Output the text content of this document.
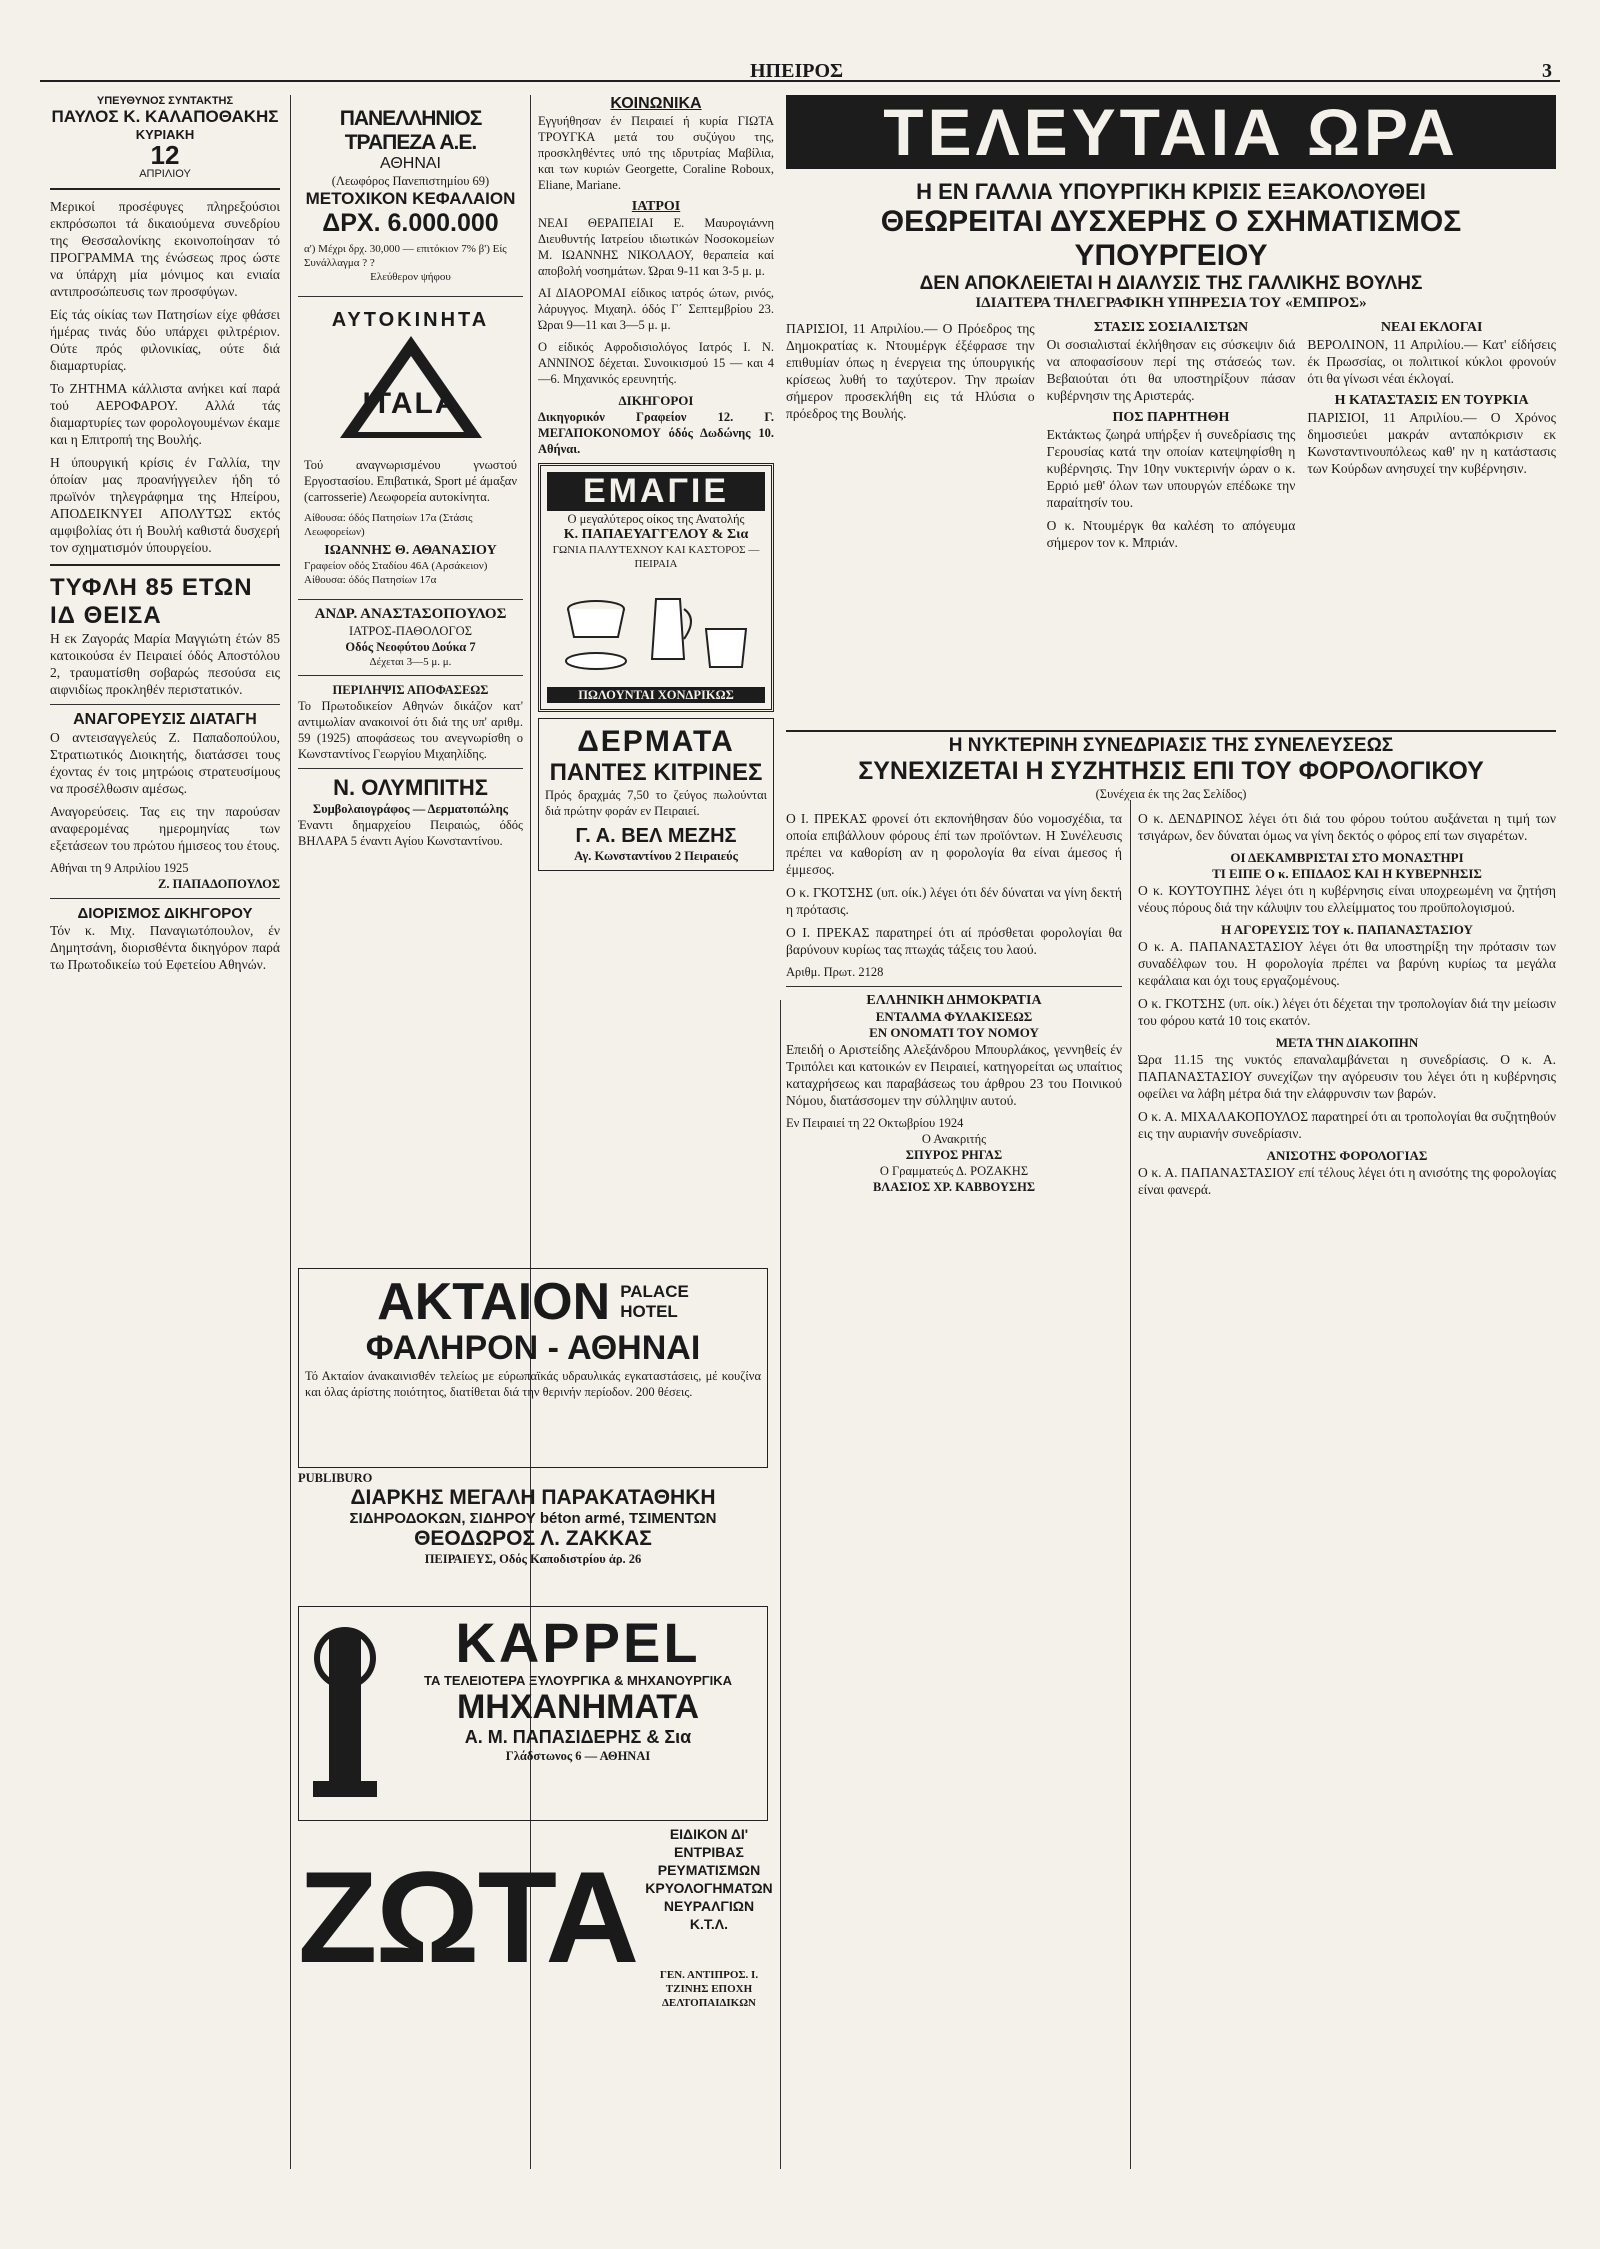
ΗΠΕΙΡΟΣ	3
ΥΠΕΥΘΥΝΟΣ ΣΥΝΤΑΚΤΗΣ
ΠΑΥΛΟΣ Κ. ΚΑΛΑΠΟΘΑΚΗΣ
ΚΥΡΙΑΚΗ
12
ΑΠΡΙΛΙΟΥ

Μερικοί προσέφυγες πληρεξούσιοι εκπρόσωποι τά δικαιούμενα συνεδρίου της Θεσσαλονίκης εκοινοποίησαν τό ΠΡΟΓΡΑΜΜΑ της ένώσεως προς ώστε να ύπάρχη μία μόνιμος και ενιαία αντιπροσώπευσις των προσφύγων.

Είς τάς οίκίας των Πατησίων είχε φθάσει ήμέρας τινάς δύο υπάρχει φιλτρέριον. Ούτε πρός φιλονικίας, ούτε διά διαμαρτυρίας.

Το ΖΗΤΗΜΑ κάλλιστα ανήκει καί παρά τού ΑΕΡΟΦΑΡΟΥ. Αλλά τάς διαμαρτυρίες των φορολογουμένων έκαμε και η Επιτροπή της Βουλής.

Η ύπουργική κρίσις έν Γαλλία, την όποίαν μας προανήγγειλεν ήδη τό πρωϊνόν τηλεγράφημα της Ηπείρου, ΑΠΟΔΕΙΚΝΥΕΙ ΑΠΟΛΥΤΩΣ εκτός αμφιβολίας ότι ή Βουλή καθιστά δυσχερή τον σχηματισμόν ύπουργείου.

ΤΥΦΛΗ 85 ΕΤΩΝ ΙΔ ΘΕΙΣΑ

Η εκ Ζαγοράς Μαρία Μαγγιώτη έτών 85 κατοικούσα έν Πειραιεί όδός Αποστόλου 2, τραυματίσθη σοβαρώς πεσούσα εις αιφνιδίως προκληθέν περιστατικόν.

ΑΝΑΓΟΡΕΥΣΙΣ ΔΙΑΤΑΓΗ

Ο αντεισαγγελεύς Ζ. Παπαδοπούλου, Στρατιωτικός Διοικητής, διατάσσει τους έχοντας έν τοις μητρώοις στρατευσίμους να προσέλθωσιν αμέσως.

Αναγορεύσεις. Τας εις την παρούσαν αναφερομένας ημερομηνίας των εξετάσεων του πρώτου ήμισεος του έτους.

Αθήναι τη 9 Απριλίου 1925
Ζ. ΠΑΠΑΔΟΠΟΥΛΟΣ
ΔΙΟΡΙΣΜΟΣ ΔΙΚΗΓΟΡΟΥ

Τόν κ. Μιχ. Παναγιωτόπουλον, έν Δημητσάνη, διορισθέντα δικηγόρον παρά τω Πρωτοδικείω τού Εφετείου Αθηνών.

ΠΑΝΕΛΛΗΝΙΟΣ ΤΡΑΠΕΖΑ Α.Ε.
ΑΘΗΝΑΙ
(Λεωφόρος Πανεπιστημίου 69)
ΜΕΤΟΧΙΚΟΝ ΚΕΦΑΛΑΙΟΝ
ΔΡΧ. 6.000.000
α') Μέχρι δρχ. 30,000 — επιτόκιον 7% β') Είς Συνάλλαγμα ? ?
Ελεύθερον ψήφου
ΑΥΤΟΚΙΝΗΤΑ
ITALA

Τού αναγνωρισμένου γνωστού Εργοστασίου. Επιβατικά, Sport μέ άμαξαν (carrosserie) Λεωφορεία αυτοκίνητα.

Αίθουσα: όδός Πατησίων 17α (Στάσις Λεωφορείων)
ΙΩΑΝΝΗΣ Θ. ΑΘΑΝΑΣΙΟΥ
Γραφείον οδός Σταδίου 46Α (Αρσάκειον) Αίθουσα: όδός Πατησίων 17α
ΑΝΔΡ. ΑΝΑΣΤΑΣΟΠΟΥΛΟΣ
ΙΑΤΡΟΣ-ΠΑΘΟΛΟΓΟΣ
Οδός Νεοφύτου Δούκα 7
Δέχεται 3—5 μ. μ.
ΠΕΡΙΛΗΨΙΣ ΑΠΟΦΑΣΕΩΣ

Το Πρωτοδικείον Αθηνών δικάζον κατ' αντιμωλίαν ανακοινοί ότι διά της υπ' αριθμ. 59 (1925) αποφάσεως του ανεγνωρίσθη ο Κωνσταντίνος Γεωργίου Μιχαηλίδης.

Ν. ΟΛΥΜΠΙΤΗΣ
Συμβολαιογράφος — Δερματοπώλης

Έναντι δημαρχείου Πειραιώς, όδός ΒΗΛΑΡΑ 5 έναντι Αγίου Κωνσταντίνου.

ΚΟΙΝΩΝΙΚΑ

Εγγυήθησαν έν Πειραιεί ή κυρία ΓΙΩΤΑ ΤΡΟΥΓΚΑ μετά του συζύγου της, προσκληθέντες υπό της ιδρυτρίας Μαβίλια, και των κυριών Georgette, Coraline Roboux, Eliane, Mariane.

ΙΑΤΡΟΙ

ΝΕΑΙ ΘΕΡΑΠΕΙΑΙ Ε. Μαυρογιάννη Διευθυντής Ιατρείου ιδιωτικών Νοσοκομείων Μ. ΙΩΑΝΝΗΣ ΝΙΚΟΛΑΟΥ, θεραπεία καί αποβολή νοσημάτων. Ώραι 9-11 και 3-5 μ. μ.

ΑΙ ΔΙΑΟΡΟΜΑΙ είδικος ιατρός ώτων, ρινός, λάρυγγος. Μιχαηλ. όδός Γ΄ Σεπτεμβρίου 23. Ώραι 9—11 και 3—5 μ. μ.

Ο είδικός Αφροδισιολόγος Ιατρός Ι. Ν. ΑΝΝΙΝΟΣ δέχεται. Συνοικισμού 15 — και 4—6. Μηχανικός ερευνητής.

ΔΙΚΗΓΟΡΟΙ

Δικηγορικόν Γραφείον 12. Γ. ΜΕΓΑΠΟΚΟΝΟΜΟΥ όδός Δωδώνης 10. Αθήναι.

ΕΜΑΓΙΕ
Ο μεγαλύτερος οίκος της Ανατολής
Κ. ΠΑΠΑΕΥΑΓΓΕΛΟΥ & Σια
ΓΩΝΙΑ ΠΑΛΥΤΕΧΝΟΥ ΚΑΙ ΚΑΣΤΟΡΟΣ — ΠΕΙΡΑΙΑ
ΠΩΛΟΥΝΤΑΙ ΧΟΝΔΡΙΚΩΣ
ΔΕΡΜΑΤΑ
ΠΑΝΤΕΣ ΚΙΤΡΙΝΕΣ

Πρός δραχμάς 7,50 το ζεύγος πωλούνται διά πρώτην φοράν εν Πειραιεί.

Γ. Α. ΒΕΛ ΜΕΖΗΣ
Αγ. Κωνσταντίνου 2 Πειραιεύς
ΑΚΤΑΙΟΝ PALACE
HOTEL
ΦΑΛΗΡΟΝ - ΑΘΗΝΑΙ

Τό Ακταίον άνακαινισθέν τελείως με εύρωπαϊκάς υδραυλικάς εγκαταστάσεις, μέ κουζίνα και όλας άρίστης ποιότητος, διατίθεται διά την θερινήν περίοδον. 200 θέσεις.

PUBLIBURO
ΔΙΑΡΚΗΣ ΜΕΓΑΛΗ ΠΑΡΑΚΑΤΑΘΗΚΗ
ΣΙΔΗΡΟΔΟΚΩΝ, ΣΙΔΗΡΟΥ béton armé, ΤΣΙΜΕΝΤΩΝ
ΘΕΟΔΩΡΟΣ Λ. ΖΑΚΚΑΣ
ΠΕΙΡΑΙΕΥΣ, Οδός Καποδιστρίου ἀρ. 26
KAPPEL
ΤΑ ΤΕΛΕΙΟΤΕΡΑ ΞΥΛΟΥΡΓΙΚΑ & ΜΗΧΑΝΟΥΡΓΙΚΑ
ΜΗΧΑΝΗΜΑΤΑ
Α. Μ. ΠΑΠΑΣΙΔΕΡΗΣ & Σια
Γλάδστωνος 6 — ΑΘΗΝΑΙ
ΖΩΤΑ
ΕΙΔΙΚΟΝ ΔΙ' ΕΝΤΡΙΒΑΣ ΡΕΥΜΑΤΙΣΜΩΝ ΚΡΥΟΛΟΓΗΜΑΤΩΝ ΝΕΥΡΑΛΓΙΩΝ Κ.Τ.Λ.
ΓΕΝ. ΑΝΤΙΠΡΟΣ. Ι. ΤΖΙΝΗΣ ΕΠΟΧΗ ΔΕΛΤΟΠΑΙΔΙΚΩΝ
ΤΕΛΕΥΤΑΙΑ ΩΡΑ
Η ΕΝ ΓΑΛΛΙΑ ΥΠΟΥΡΓΙΚΗ ΚΡΙΣΙΣ ΕΞΑΚΟΛΟΥΘΕΙ
ΘΕΩΡΕΙΤΑΙ ΔΥΣΧΕΡΗΣ Ο ΣΧΗΜΑΤΙΣΜΟΣ ΥΠΟΥΡΓΕΙΟΥ
ΔΕΝ ΑΠΟΚΛΕΙΕΤΑΙ Η ΔΙΑΛΥΣΙΣ ΤΗΣ ΓΑΛΛΙΚΗΣ ΒΟΥΛΗΣ
ΙΔΙΑΙΤΕΡΑ ΤΗΛΕΓΡΑΦΙΚΗ ΥΠΗΡΕΣΙΑ ΤΟΥ «ΕΜΠΡΟΣ»

ΠΑΡΙΣΙΟΙ, 11 Απριλίου.— Ο Πρόεδρος της Δημοκρατίας κ. Ντουμέργκ έξέφρασε την επιθυμίαν όπως η ένεργεια της ύπουργικής κρίσεως λυθή το ταχύτερον. Την πρωίαν σήμερον προσεκλήθη εις τά Ηλύσια ο πρόεδρος της Βουλής.

ΣΤΑΣΙΣ ΣΟΣΙΑΛΙΣΤΩΝ

Οι σοσιαλισταί έκλήθησαν εις σύσκεψιν διά να αποφασίσουν περί της στάσεώς των. Βεβαιούται ότι θα υποστηρίξουν πάσαν κυβέρνησιν της Αριστεράς.

ΠΟΣ ΠΑΡΗΤΗΘΗ

Εκτάκτως ζωηρά υπήρξεν ή συνεδρίασις της Γερουσίας κατά την οποίαν κατεψηφίσθη η κυβέρνησις. Την 10ην νυκτερινήν ώραν ο κ. Ερριό μεθ' όλων των υπουργών επέδωκε την παραίτησίν του.

Ο κ. Ντουμέργκ θα καλέση το απόγευμα σήμερον τον κ. Μπριάν.

ΝΕΑΙ ΕΚΛΟΓΑΙ

ΒΕΡΟΛΙΝΟΝ, 11 Απριλίου.— Κατ' είδήσεις έκ Πρωσσίας, οι πολιτικοί κύκλοι φρονούν ότι θα γίνωσι νέαι έκλογαί.

Η ΚΑΤΑΣΤΑΣΙΣ ΕΝ ΤΟΥΡΚΙΑ

ΠΑΡΙΣΙΟΙ, 11 Απριλίου.— Ο Χρόνος δημοσιεύει μακράν ανταπόκρισιν εκ Κωνσταντινουπόλεως καθ' ην η κατάστασις των Κούρδων ανησυχεί την κυβέρνησιν.

Η ΝΥΚΤΕΡΙΝΗ ΣΥΝΕΔΡΙΑΣΙΣ ΤΗΣ ΣΥΝΕΛΕΥΣΕΩΣ
ΣΥΝΕΧΙΖΕΤΑΙ Η ΣΥΖΗΤΗΣΙΣ ΕΠΙ ΤΟΥ ΦΟΡΟΛΟΓΙΚΟΥ
(Συνέχεια έκ της 2ας Σελίδος)

Ο Ι. ΠΡΕΚΑΣ φρονεί ότι εκπονήθησαν δύο νομοσχέδια, τα οποία επιβάλλουν φόρους έπί των προϊόντων. Η Συνέλευσις πρέπει να καθορίση αν η φορολογία θα είναι άμεσος ή έμμεσος.

Ο κ. ΓΚΟΤΣΗΣ (υπ. οίκ.) λέγει ότι δέν δύναται να γίνη δεκτή η πρότασις.

Ο Ι. ΠΡΕΚΑΣ παρατηρεί ότι αί πρόσθεται φορολογίαι θα βαρύνουν κυρίως τας πτωχάς τάξεις του λαού.

Αριθμ. Πρωτ. 2128
ΕΛΛΗΝΙΚΗ ΔΗΜΟΚΡΑΤΙΑ
ΕΝΤΑΛΜΑ ΦΥΛΑΚΙΣΕΩΣ
ΕΝ ΟΝΟΜΑΤΙ ΤΟΥ ΝΟΜΟΥ

Επειδή ο Αριστείδης Αλεξάνδρου Μπουρλάκος, γεννηθείς έν Τριπόλει και κατοικών εν Πειραιεί, κατηγορείται ως υπαίτιος καταχρήσεως και παραβάσεως του άρθρου 23 του Ποινικού Νόμου, διατάσσομεν την σύλληψιν αυτού.

Εν Πειραιεί τη 22 Οκτωβρίου 1924
Ο Ανακριτής
ΣΠΥΡΟΣ ΡΗΓΑΣ
Ο Γραμματεύς Δ. ΡΟΖΑΚΗΣ
ΒΛΑΣΙΟΣ ΧΡ. ΚΑΒΒΟΥΣΗΣ

Ο κ. ΔΕΝΔΡΙΝΟΣ λέγει ότι διά του φόρου τούτου αυξάνεται η τιμή των τσιγάρων, δεν δύναται όμως να γίνη δεκτός ο φόρος επί των σιγαρέτων.

ΟΙ ΔΕΚΑΜΒΡΙΣΤΑΙ ΣΤΟ ΜΟΝΑΣΤΗΡΙ
ΤΙ ΕΙΠΕ Ο κ. ΕΠΙΔΑΟΣ ΚΑΙ Η ΚΥΒΕΡΝΗΣΙΣ

Ο κ. ΚΟΥΤΟΥΠΗΣ λέγει ότι η κυβέρνησις είναι υποχρεωμένη να ζητήση νέους πόρους διά την κάλυψιν του ελλείμματος του προϋπολογισμού.

Η ΑΓΟΡΕΥΣΙΣ ΤΟΥ κ. ΠΑΠΑΝΑΣΤΑΣΙΟΥ

Ο κ. Α. ΠΑΠΑΝΑΣΤΑΣΙΟΥ λέγει ότι θα υποστηρίξη την πρότασιν των συναδέλφων του. Η φορολογία πρέπει να βαρύνη κυρίως τα μεγάλα κεφάλαια και όχι τους εργαζομένους.

Ο κ. ΓΚΟΤΣΗΣ (υπ. οίκ.) λέγει ότι δέχεται την τροπολογίαν διά την μείωσιν του φόρου κατά 10 τοις εκατόν.

ΜΕΤΑ ΤΗΝ ΔΙΑΚΟΠΗΝ

Ώρα 11.15 της νυκτός επαναλαμβάνεται η συνεδρίασις. Ο κ. Α. ΠΑΠΑΝΑΣΤΑΣΙΟΥ συνεχίζων την αγόρευσιν του λέγει ότι η κυβέρνησις οφείλει να λάβη μέτρα διά την ελάφρυνσιν των βαρών.

Ο κ. Α. ΜΙΧΑΛΑΚΟΠΟΥΛΟΣ παρατηρεί ότι αι τροπολογίαι θα συζητηθούν εις την αυριανήν συνεδρίασιν.

ΑΝΙΣΟΤΗΣ ΦΟΡΟΛΟΓΙΑΣ

Ο κ. Α. ΠΑΠΑΝΑΣΤΑΣΙΟΥ επί τέλους λέγει ότι η ανισότης της φορολογίας είναι φανερά.
